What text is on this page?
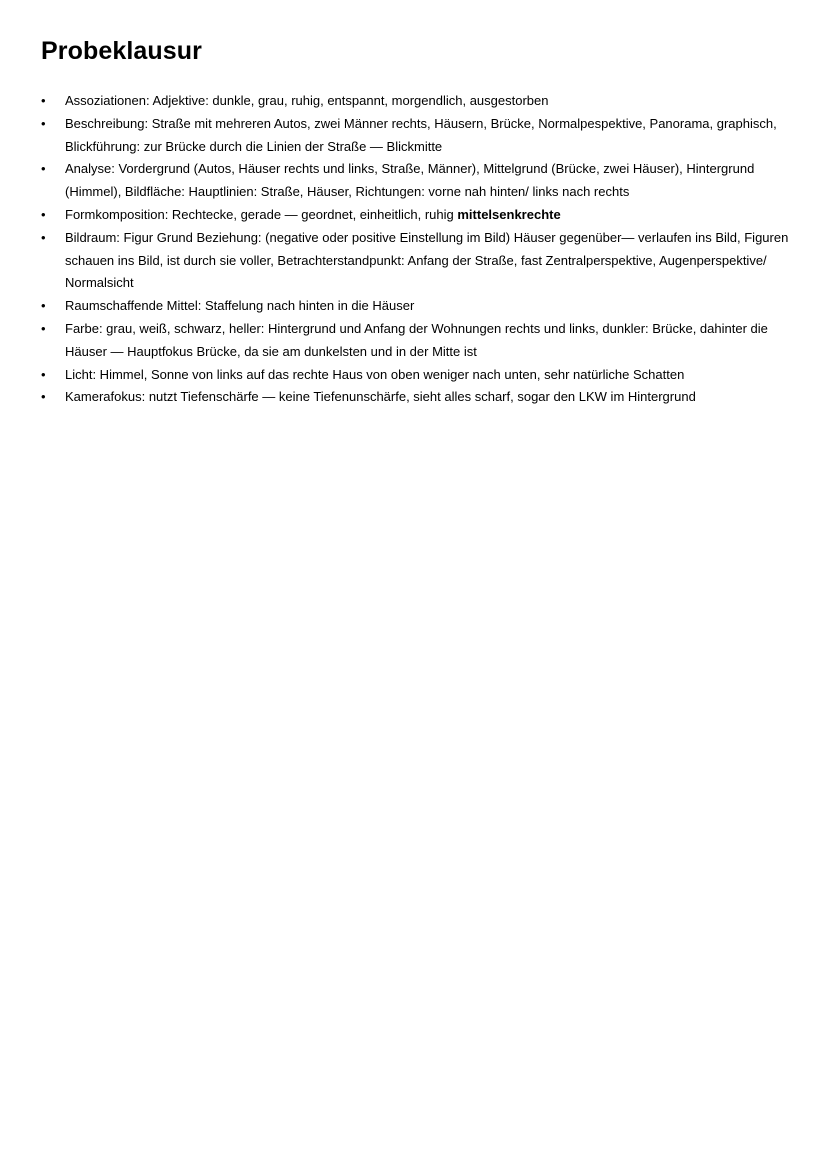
Probeklausur
•	Assoziationen: Adjektive: dunkle, grau, ruhig, entspannt, morgendlich, ausgestorben
•	Beschreibung: Straße mit mehreren Autos, zwei Männer rechts, Häusern, Brücke, Normalpespektive, Panorama, graphisch, Blickführung: zur Brücke durch die Linien der Straße — Blickmitte
•	Analyse: Vordergrund (Autos, Häuser rechts und links, Straße, Männer), Mittelgrund (Brücke, zwei Häuser), Hintergrund (Himmel), Bildfläche: Hauptlinien: Straße, Häuser, Richtungen: vorne nah hinten/ links nach rechts
•	Formkomposition: Rechtecke, gerade — geordnet, einheitlich, ruhig mittelsenkrechte
•	Bildraum: Figur Grund Beziehung: (negative oder positive Einstellung im Bild) Häuser gegenüber— verlaufen ins Bild, Figuren schauen ins Bild, ist durch sie voller, Betrachterstandpunkt: Anfang der Straße, fast Zentralperspektive, Augenperspektive/ Normalsicht
•	Raumschaffende Mittel: Staffelung nach hinten in die Häuser
•	Farbe: grau, weiß, schwarz, heller: Hintergrund und Anfang der Wohnungen rechts und links, dunkler: Brücke, dahinter die Häuser — Hauptfokus Brücke, da sie am dunkelsten und in der Mitte ist
•	Licht: Himmel, Sonne von links auf das rechte Haus von oben weniger nach unten, sehr natürliche Schatten
•	Kamerafokus: nutzt Tiefenschärfe — keine Tiefenunschärfe, sieht alles scharf, sogar den LKW im Hintergrund
